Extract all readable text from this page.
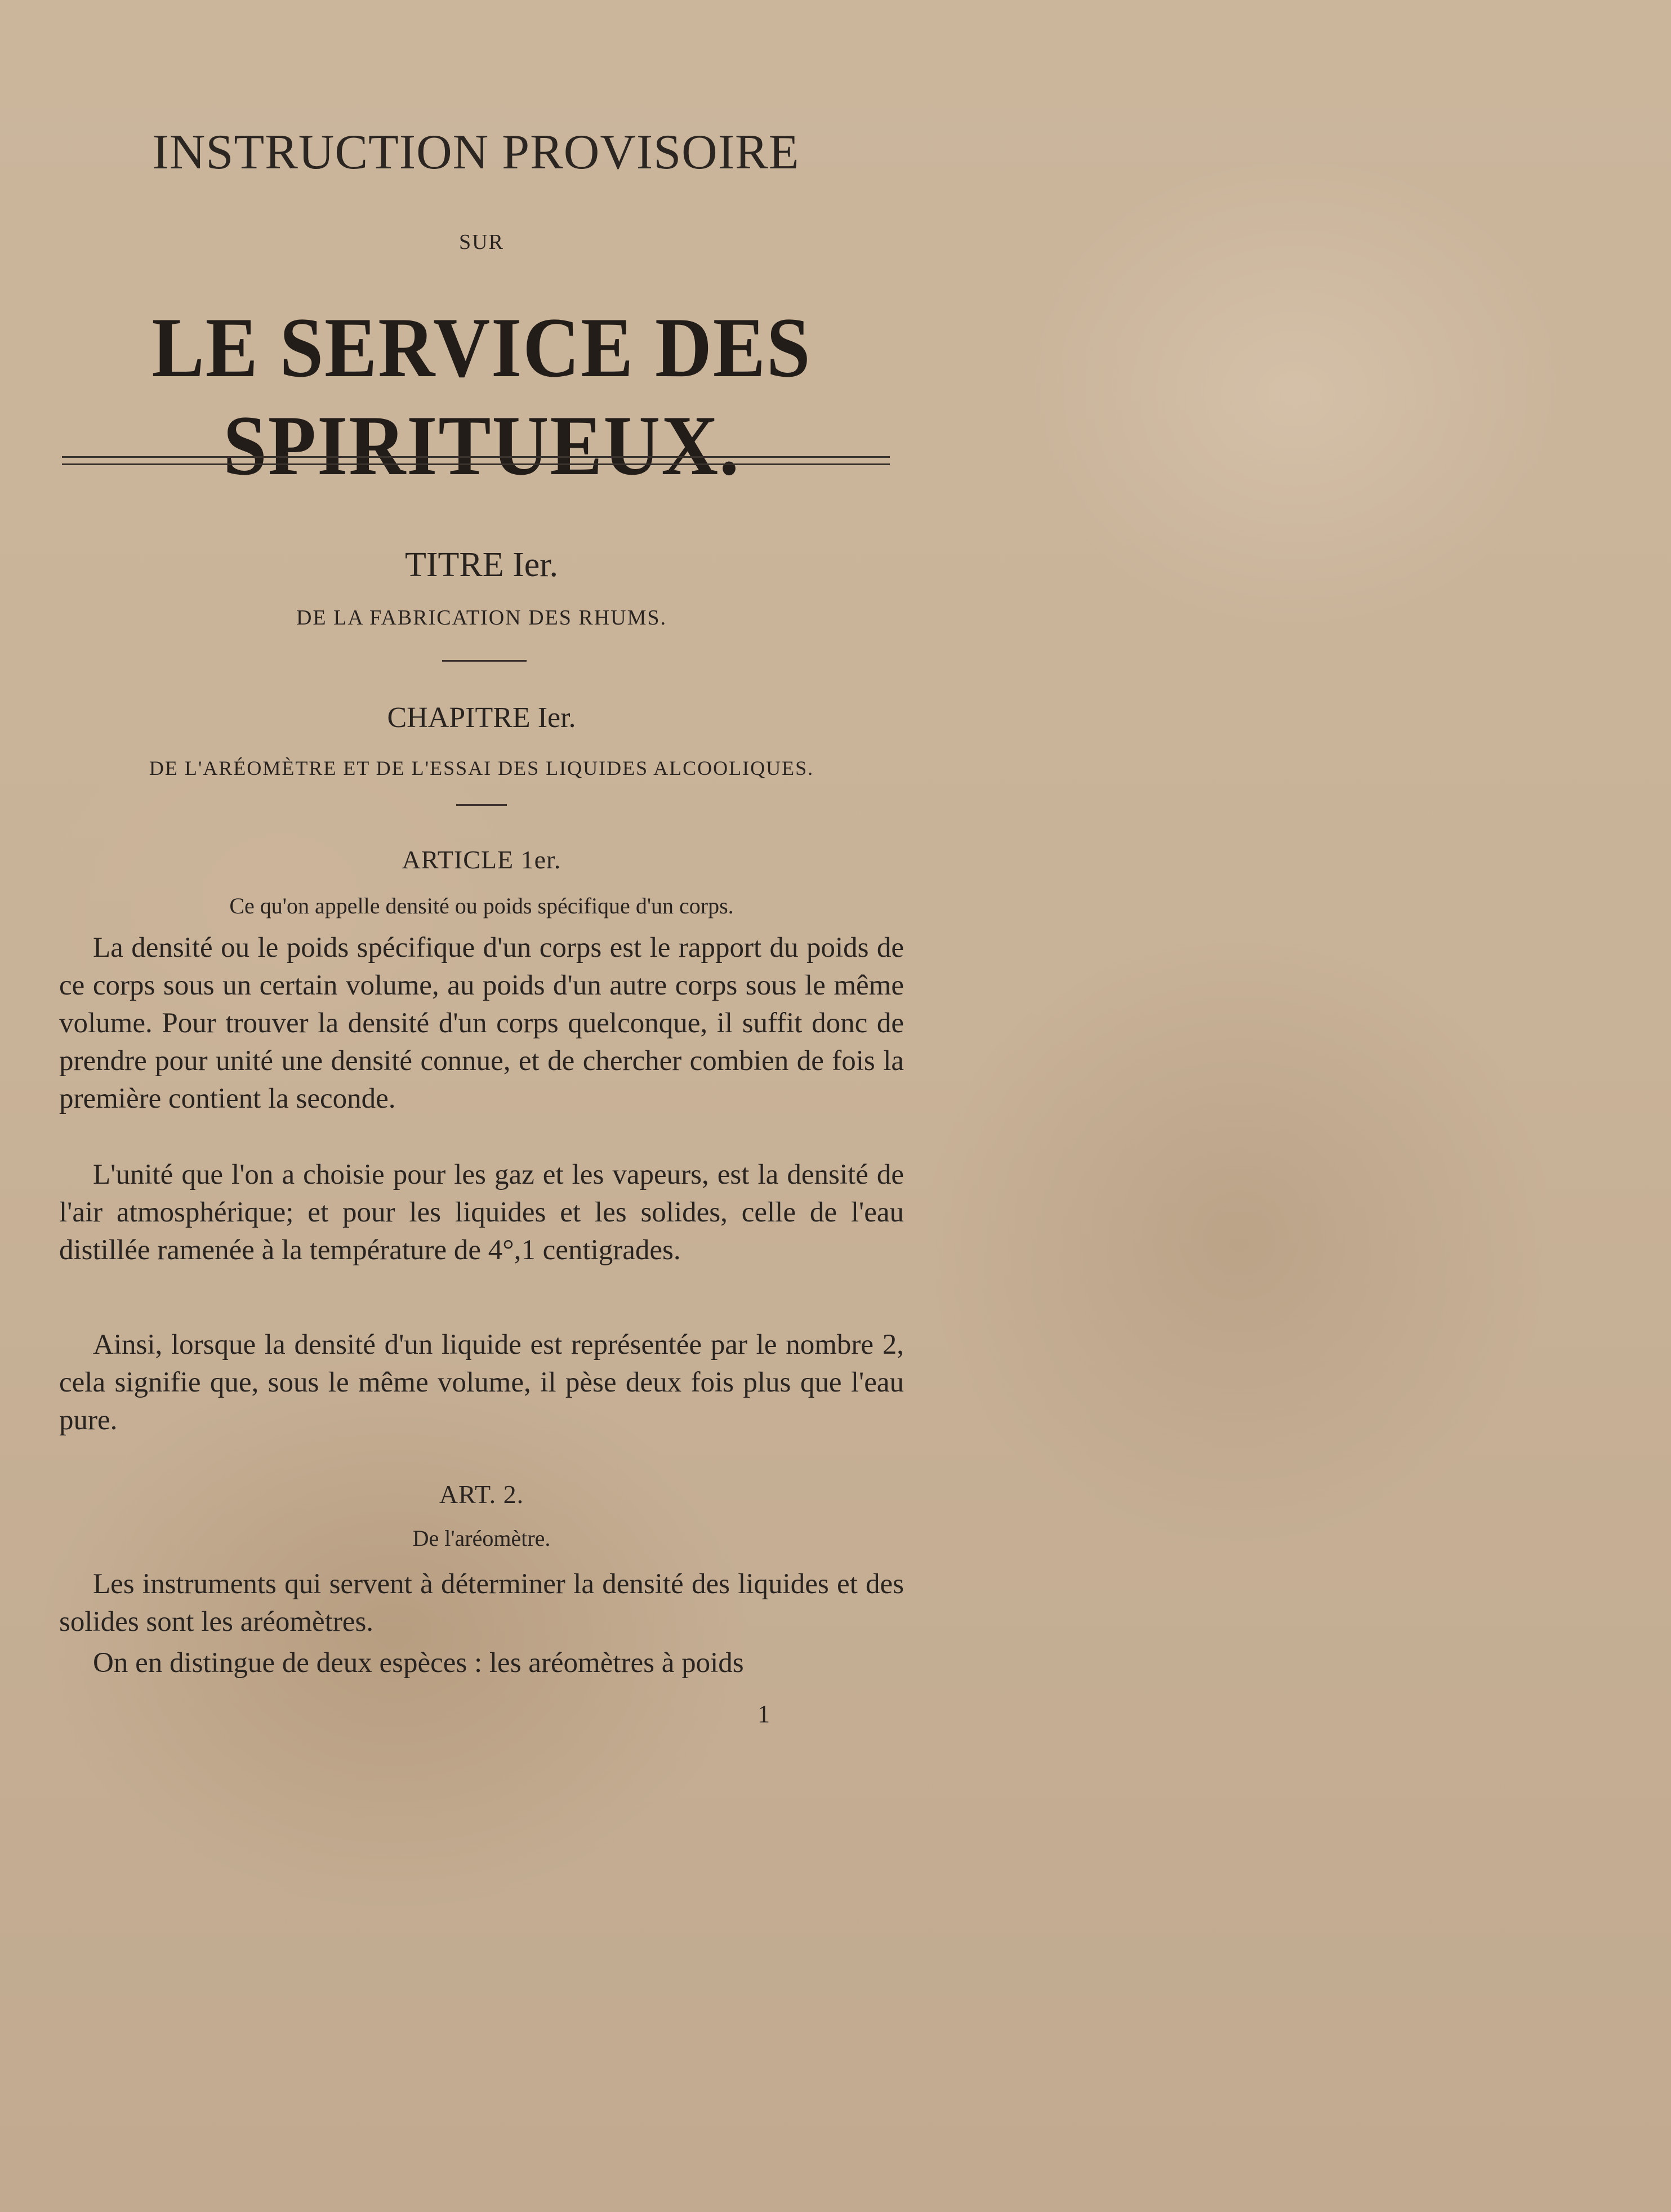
INSTRUCTION PROVISOIRE
SUR
LE SERVICE DES SPIRITUEUX.
TITRE Ier.
DE LA FABRICATION DES RHUMS.
CHAPITRE Ier.
DE L'ARÉOMÈTRE ET DE L'ESSAI DES LIQUIDES ALCOOLIQUES.
ARTICLE 1er.
Ce qu'on appelle densité ou poids spécifique d'un corps.

La densité ou le poids spécifique d'un corps est le rapport du poids de ce corps sous un certain volume, au poids d'un autre corps sous le même volume. Pour trouver la densité d'un corps quelconque, il suffit donc de prendre pour unité une densité connue, et de chercher combien de fois la première contient la seconde.

L'unité que l'on a choisie pour les gaz et les vapeurs, est la densité de l'air atmosphérique; et pour les liquides et les solides, celle de l'eau distillée ramenée à la température de 4°,1 centigrades.

Ainsi, lorsque la densité d'un liquide est représentée par le nombre 2, cela signifie que, sous le même volume, il pèse deux fois plus que l'eau pure.

ART. 2.
De l'aréomètre.

Les instruments qui servent à déterminer la densité des liquides et des solides sont les aréomètres.

On en distingue de deux espèces : les aréomètres à poids

1
